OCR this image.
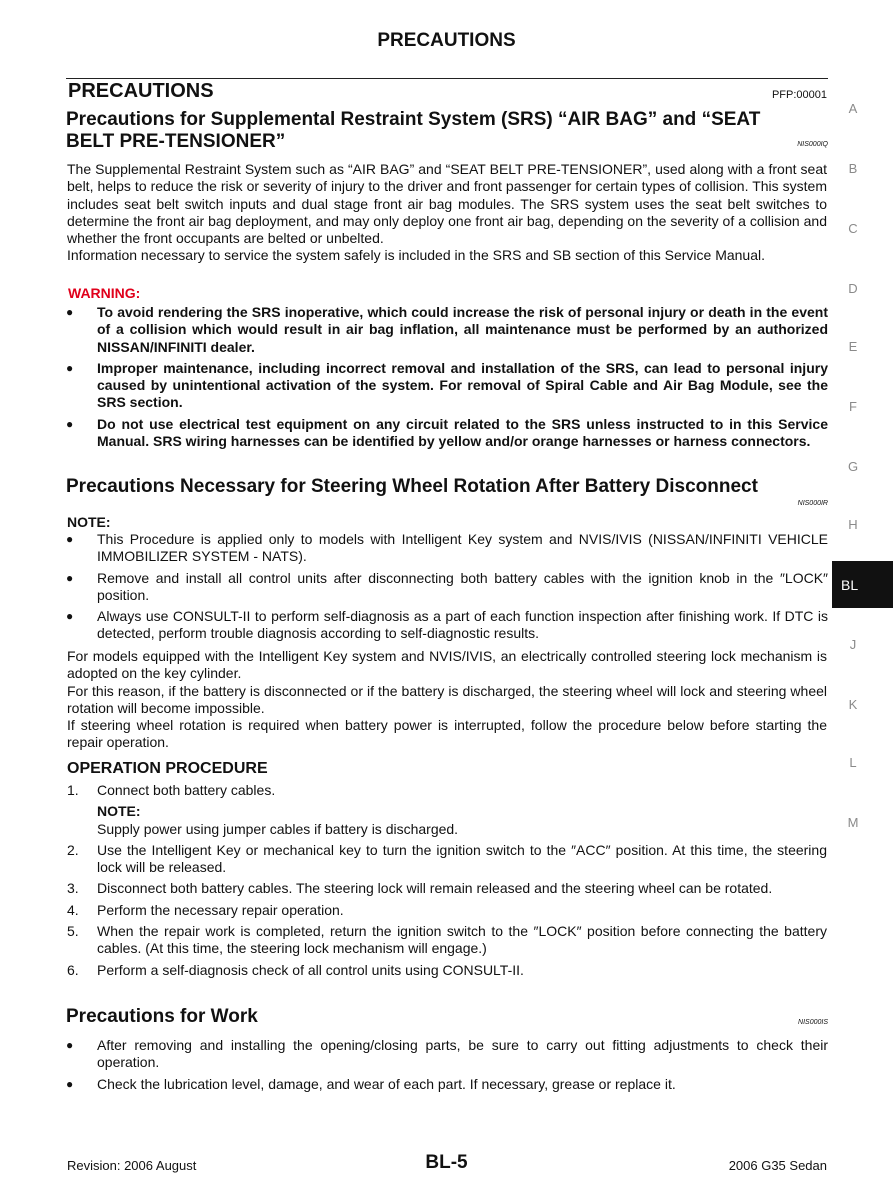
PRECAUTIONS
PRECAUTIONS	PFP:00001
Precautions for Supplemental Restraint System (SRS) “AIR BAG” and “SEAT BELT PRE-TENSIONER”	NIS000IQ

The Supplemental Restraint System such as “AIR BAG” and “SEAT BELT PRE-TENSIONER”, used along with a front seat belt, helps to reduce the risk or severity of injury to the driver and front passenger for certain types of collision. This system includes seat belt switch inputs and dual stage front air bag modules. The SRS system uses the seat belt switches to determine the front air bag deployment, and may only deploy one front air bag, depending on the severity of a collision and whether the front occupants are belted or unbelted.

Information necessary to service the system safely is included in the SRS and SB section of this Service Manual.

WARNING:
● To avoid rendering the SRS inoperative, which could increase the risk of personal injury or death in the event of a collision which would result in air bag inflation, all maintenance must be performed by an authorized NISSAN/INFINITI dealer.
● Improper maintenance, including incorrect removal and installation of the SRS, can lead to personal injury caused by unintentional activation of the system. For removal of Spiral Cable and Air Bag Module, see the SRS section.
● Do not use electrical test equipment on any circuit related to the SRS unless instructed to in this Service Manual. SRS wiring harnesses can be identified by yellow and/or orange harnesses or harness connectors.
Precautions Necessary for Steering Wheel Rotation After Battery Disconnect
NIS000IR
NOTE:
● This Procedure is applied only to models with Intelligent Key system and NVIS/IVIS (NISSAN/INFINITI VEHICLE IMMOBILIZER SYSTEM - NATS).
● Remove and install all control units after disconnecting both battery cables with the ignition knob in the ″LOCK″ position.
● Always use CONSULT-II to perform self-diagnosis as a part of each function inspection after finishing work. If DTC is detected, perform trouble diagnosis according to self-diagnostic results.

For models equipped with the Intelligent Key system and NVIS/IVIS, an electrically controlled steering lock mechanism is adopted on the key cylinder.

For this reason, if the battery is disconnected or if the battery is discharged, the steering wheel will lock and steering wheel rotation will become impossible.

If steering wheel rotation is required when battery power is interrupted, follow the procedure below before starting the repair operation.

OPERATION PROCEDURE
1. Connect both battery cables.
NOTE:
Supply power using jumper cables if battery is discharged.
2. Use the Intelligent Key or mechanical key to turn the ignition switch to the ″ACC″ position. At this time, the steering lock will be released.
3. Disconnect both battery cables. The steering lock will remain released and the steering wheel can be rotated.
4. Perform the necessary repair operation.
5. When the repair work is completed, return the ignition switch to the ″LOCK″ position before connecting the battery cables. (At this time, the steering lock mechanism will engage.)
6. Perform a self-diagnosis check of all control units using CONSULT-II.
Precautions for Work	NIS000IS
● After removing and installing the opening/closing parts, be sure to carry out fitting adjustments to check their operation.
● Check the lubrication level, damage, and wear of each part. If necessary, grease or replace it.
A
B
C
D
E
F
G
H
BL
J
K
L
M
Revision: 2006 August	BL-5	2006 G35 Sedan
